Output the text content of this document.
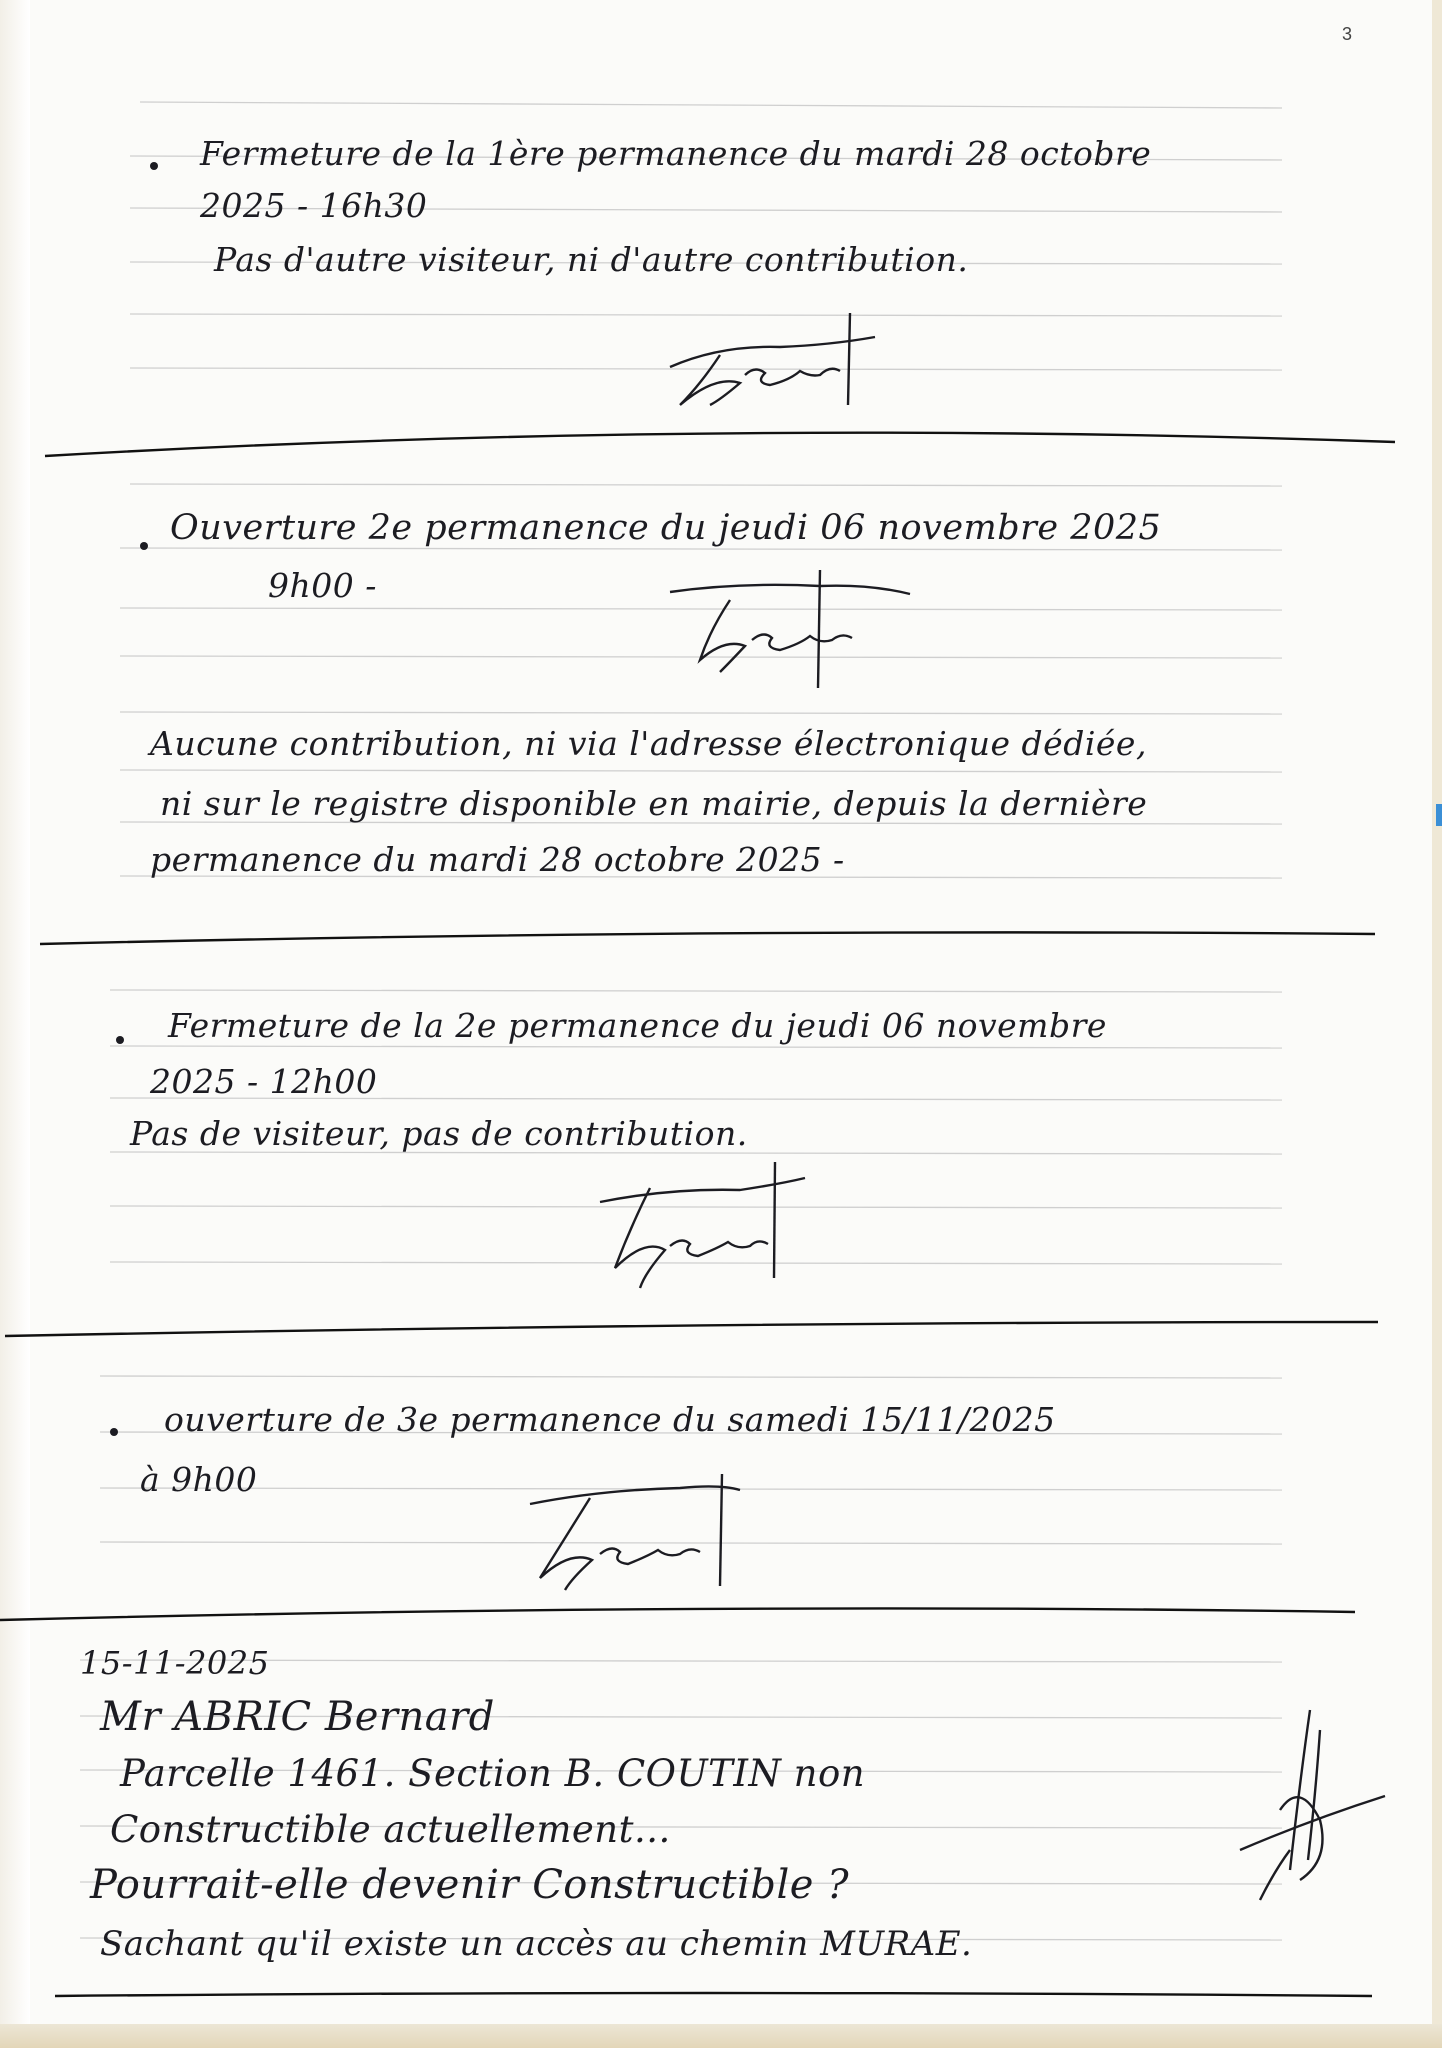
3
Fermeture de la 1ère permanence du mardi 28 octobre
2025 - 16h30
Pas d'autre visiteur, ni d'autre contribution.
Ouverture 2e permanence du jeudi 06 novembre 2025
9h00 -
Aucune contribution, ni via l'adresse électronique dédiée,
ni sur le registre disponible en mairie, depuis la dernière
permanence du mardi 28 octobre 2025 -
Fermeture de la 2e permanence du jeudi 06 novembre
2025 - 12h00
Pas de visiteur, pas de contribution.
ouverture de 3e permanence du samedi 15/11/2025
à 9h00
15-11-2025
Mr ABRIC Bernard
Parcelle 1461. Section B. COUTIN non
Constructible actuellement...
Pourrait-elle devenir Constructible ?
Sachant qu'il existe un accès au chemin MURAE.
